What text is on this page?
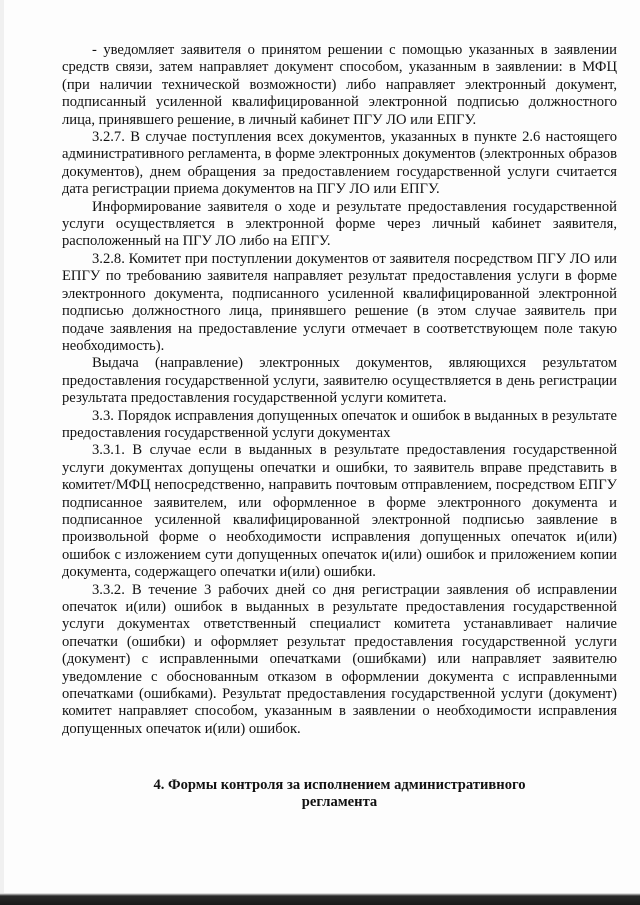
- уведомляет заявителя о принятом решении с помощью указанных в заявлении средств связи, затем направляет документ способом, указанным в заявлении: в МФЦ (при наличии технической возможности) либо направляет электронный документ, подписанный усиленной квалифицированной электронной подписью должностного лица, принявшего решение, в личный кабинет ПГУ ЛО или ЕПГУ.

3.2.7. В случае поступления всех документов, указанных в пункте 2.6 настоящего административного регламента, в форме электронных документов (электронных образов документов), днем обращения за предоставлением государственной услуги считается дата регистрации приема документов на ПГУ ЛО или ЕПГУ.

Информирование заявителя о ходе и результате предоставления государственной услуги осуществляется в электронной форме через личный кабинет заявителя, расположенный на ПГУ ЛО либо на ЕПГУ.

3.2.8. Комитет при поступлении документов от заявителя посредством ПГУ ЛО или ЕПГУ по требованию заявителя направляет результат предоставления услуги в форме электронного документа, подписанного усиленной квалифицированной электронной подписью должностного лица, принявшего решение (в этом случае заявитель при подаче заявления на предоставление услуги отмечает в соответствующем поле такую необходимость).

Выдача (направление) электронных документов, являющихся результатом предоставления государственной услуги, заявителю осуществляется в день регистрации результата предоставления государственной услуги комитета.

3.3. Порядок исправления допущенных опечаток и ошибок в выданных в результате предоставления государственной услуги документах

3.3.1. В случае если в выданных в результате предоставления государственной услуги документах допущены опечатки и ошибки, то заявитель вправе представить в комитет/МФЦ непосредственно, направить почтовым отправлением, посредством ЕПГУ подписанное заявителем, или оформленное в форме электронного документа и подписанное усиленной квалифицированной электронной подписью заявление в произвольной форме о необходимости исправления допущенных опечаток и(или) ошибок с изложением сути допущенных опечаток и(или) ошибок и приложением копии документа, содержащего опечатки и(или) ошибки.

3.3.2. В течение 3 рабочих дней со дня регистрации заявления об исправлении опечаток и(или) ошибок в выданных в результате предоставления государственной услуги документах ответственный специалист комитета устанавливает наличие опечатки (ошибки) и оформляет результат предоставления государственной услуги (документ) с исправленными опечатками (ошибками) или направляет заявителю уведомление с обоснованным отказом в оформлении документа с исправленными опечатками (ошибками). Результат предоставления государственной услуги (документ) комитет направляет способом, указанным в заявлении о необходимости исправления допущенных опечаток и(или) ошибок.

4. Формы контроля за исполнением административного
регламента
